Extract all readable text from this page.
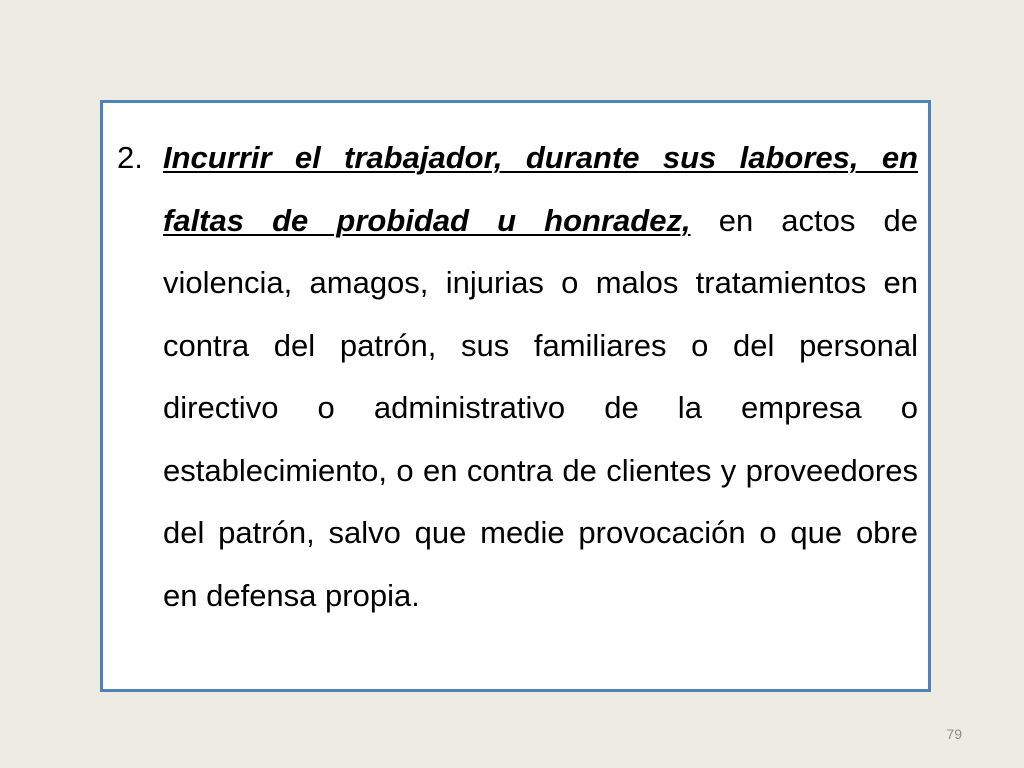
2. Incurrir el trabajador, durante sus labores, en faltas de probidad u honradez, en actos de violencia, amagos, injurias o malos tratamientos en contra del patrón, sus familiares o del personal directivo o administrativo de la empresa o establecimiento, o en contra de clientes y proveedores del patrón, salvo que medie provocación o que obre en defensa propia.

79
